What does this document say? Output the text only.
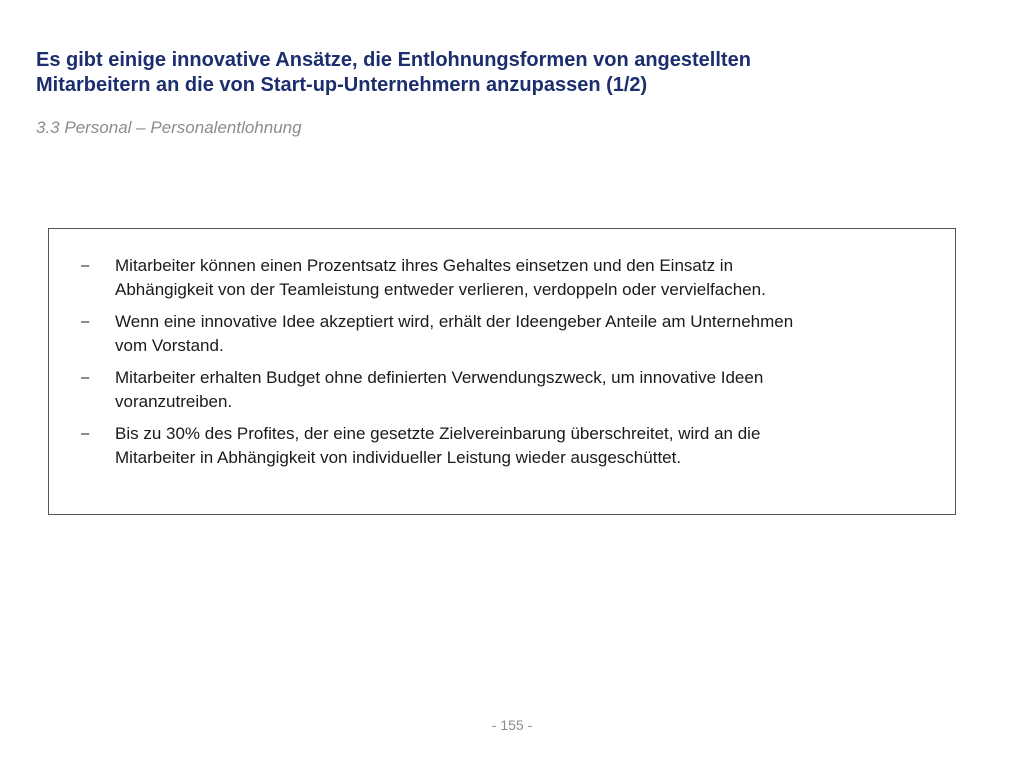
Es gibt einige innovative Ansätze, die Entlohnungsformen von angestellten
Mitarbeitern an die von Start-up-Unternehmern anzupassen (1/2)

3.3 Personal – Personalentlohnung

–	Mitarbeiter können einen Prozentsatz ihres Gehaltes einsetzen und den Einsatz in
Abhängigkeit von der Teamleistung entweder verlieren, verdoppeln oder vervielfachen.
–	Wenn eine innovative Idee akzeptiert wird, erhält der Ideengeber Anteile am Unternehmen
vom Vorstand.
–	Mitarbeiter erhalten Budget ohne definierten Verwendungszweck, um innovative Ideen
voranzutreiben.
–	Bis zu 30% des Profites, der eine gesetzte Zielvereinbarung überschreitet, wird an die
Mitarbeiter in Abhängigkeit von individueller Leistung wieder ausgeschüttet.
- 155 -
